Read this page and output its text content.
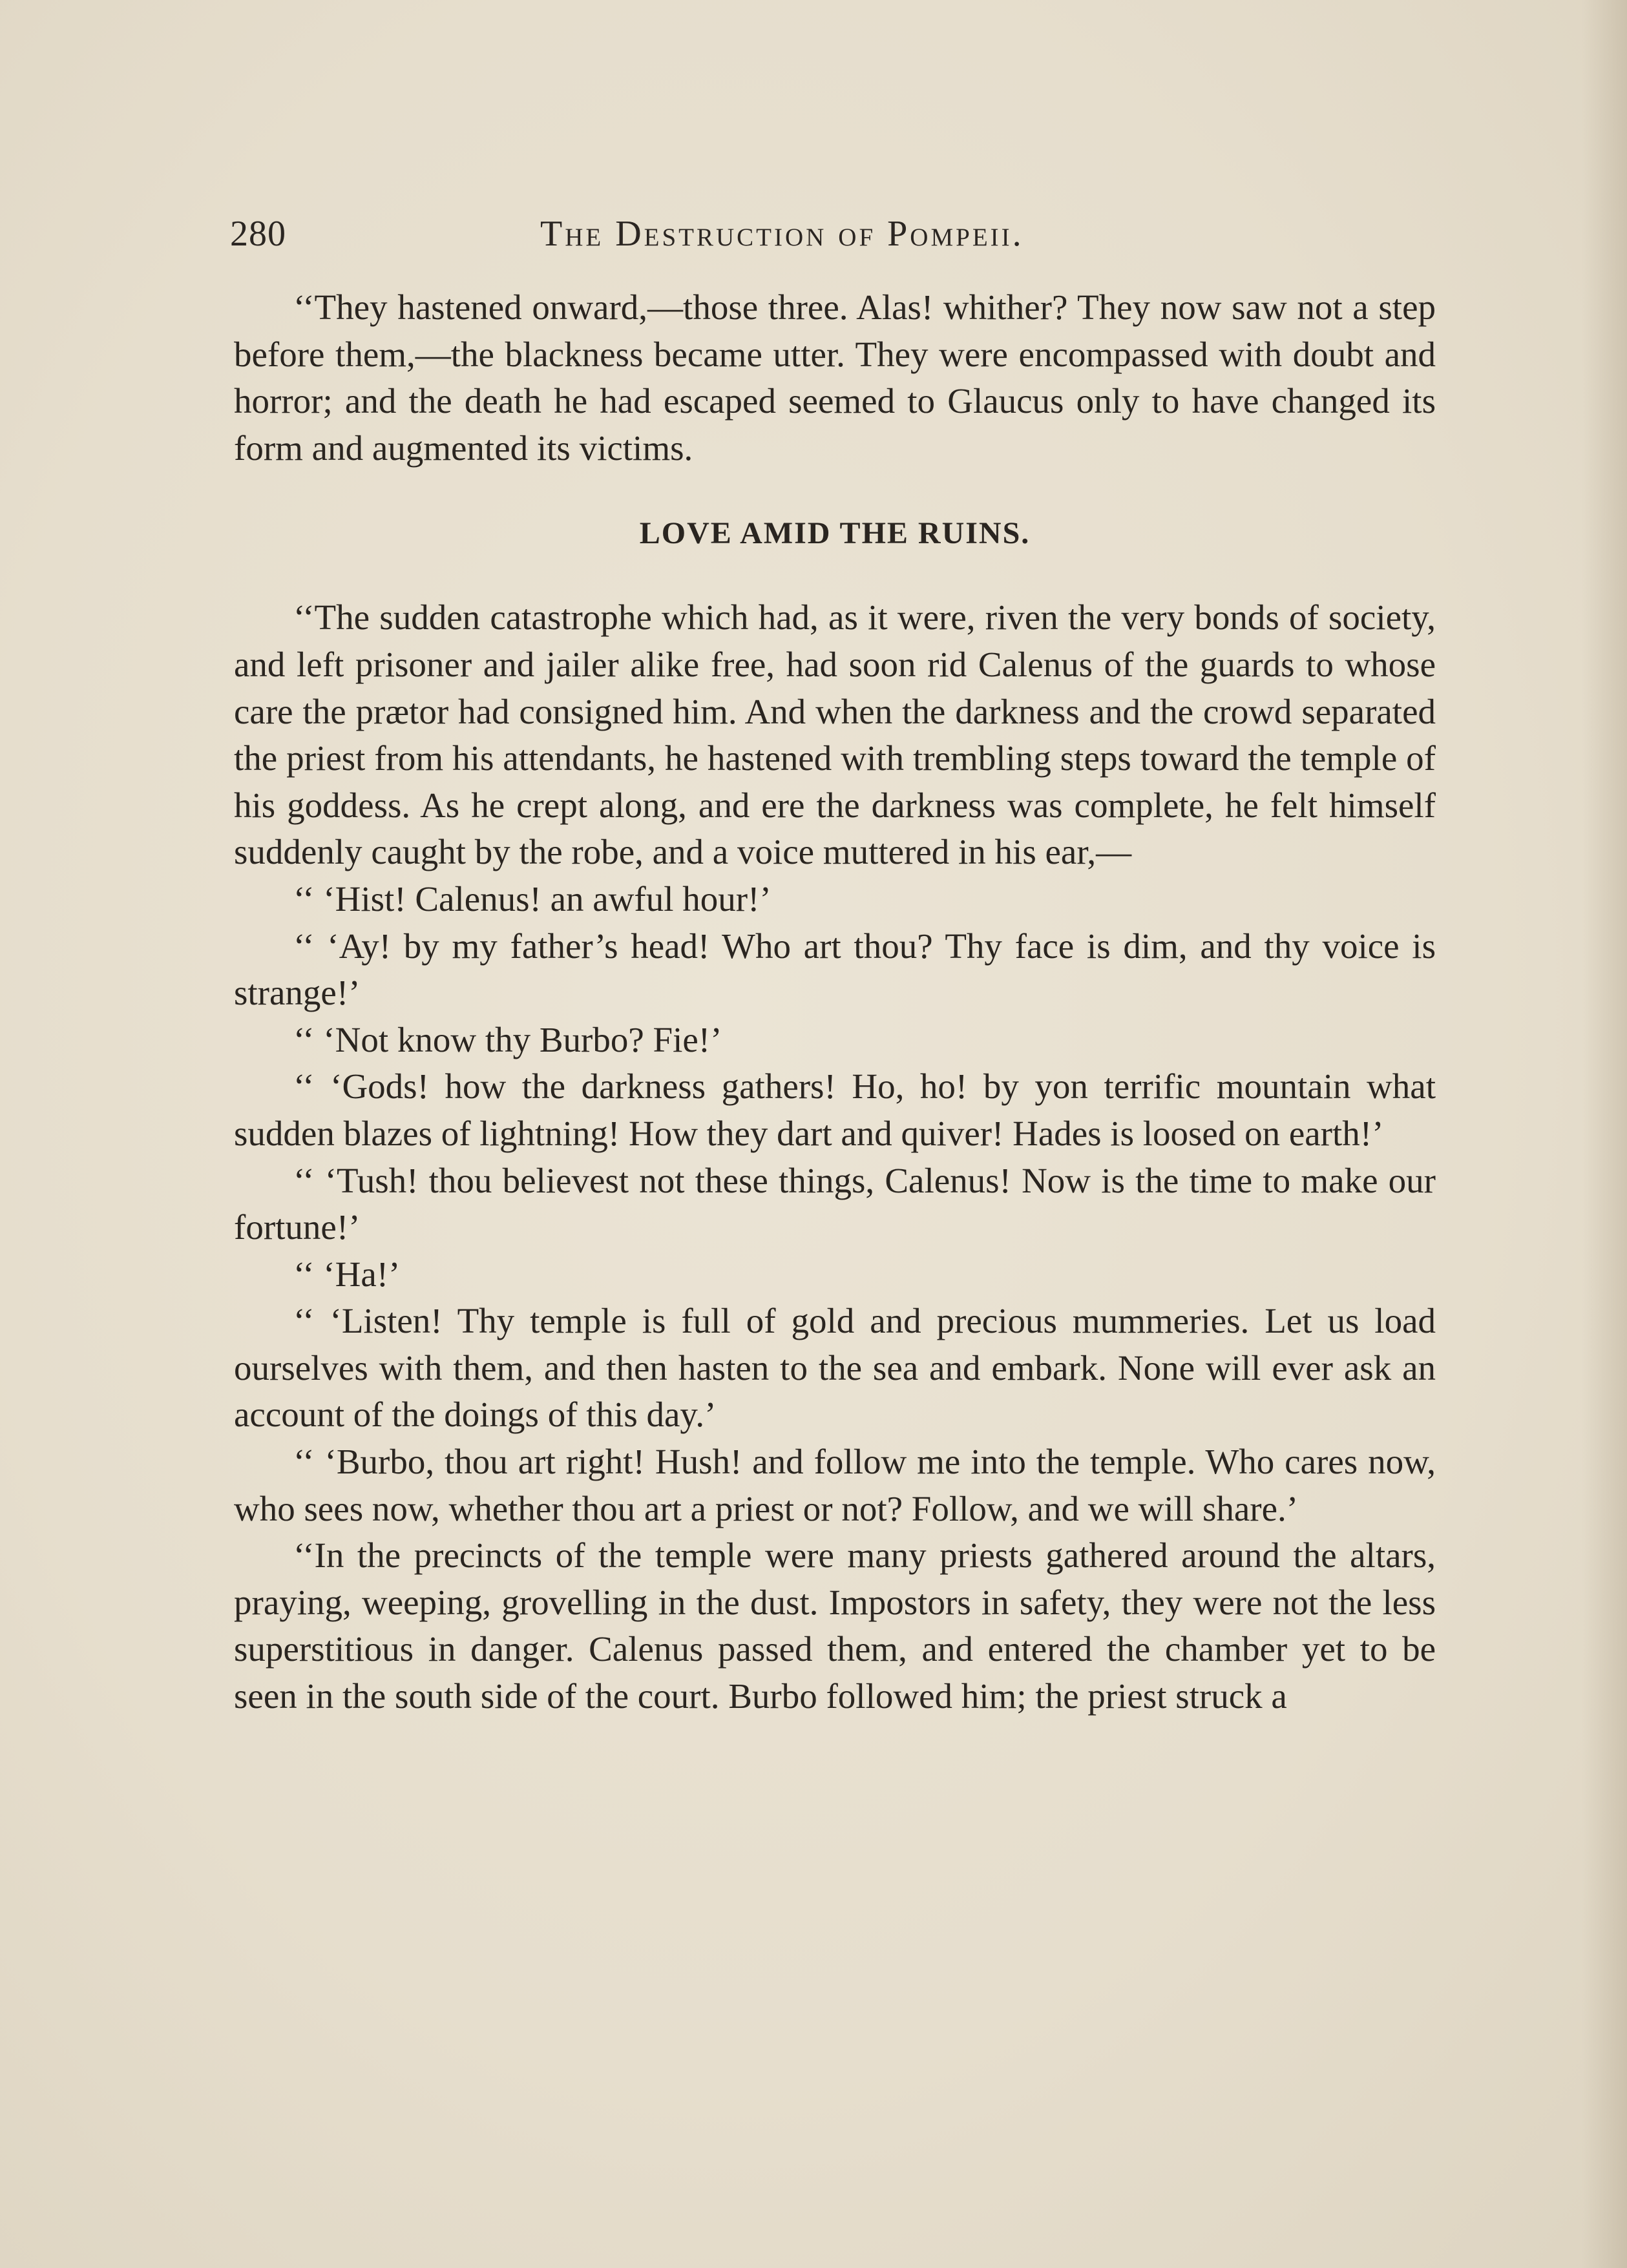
280	The Destruction of Pompeii.

‘‘They hastened onward,—those three. Alas! whither? They now saw not a step before them,—the blackness became utter. They were encompassed with doubt and horror; and the death he had escaped seemed to Glaucus only to have changed its form and augmented its victims.

LOVE AMID THE RUINS.

‘‘The sudden catastrophe which had, as it were, riven the very bonds of society, and left prisoner and jailer alike free, had soon rid Calenus of the guards to whose care the prætor had consigned him. And when the darkness and the crowd separated the priest from his attendants, he hastened with trembling steps toward the temple of his goddess. As he crept along, and ere the darkness was complete, he felt himself suddenly caught by the robe, and a voice muttered in his ear,—

‘‘ ‘Hist! Calenus! an awful hour!’

‘‘ ‘Ay! by my father’s head! Who art thou? Thy face is dim, and thy voice is strange!’

‘‘ ‘Not know thy Burbo? Fie!’

‘‘ ‘Gods! how the darkness gathers! Ho, ho! by yon terrific mountain what sudden blazes of lightning! How they dart and quiver! Hades is loosed on earth!’

‘‘ ‘Tush! thou believest not these things, Calenus! Now is the time to make our fortune!’

‘‘ ‘Ha!’

‘‘ ‘Listen! Thy temple is full of gold and precious mummeries. Let us load ourselves with them, and then hasten to the sea and embark. None will ever ask an account of the doings of this day.’

‘‘ ‘Burbo, thou art right! Hush! and follow me into the temple. Who cares now, who sees now, whether thou art a priest or not? Follow, and we will share.’

‘‘In the precincts of the temple were many priests gathered around the altars, praying, weeping, grovelling in the dust. Impostors in safety, they were not the less superstitious in danger. Calenus passed them, and entered the chamber yet to be seen in the south side of the court. Burbo followed him; the priest struck a
